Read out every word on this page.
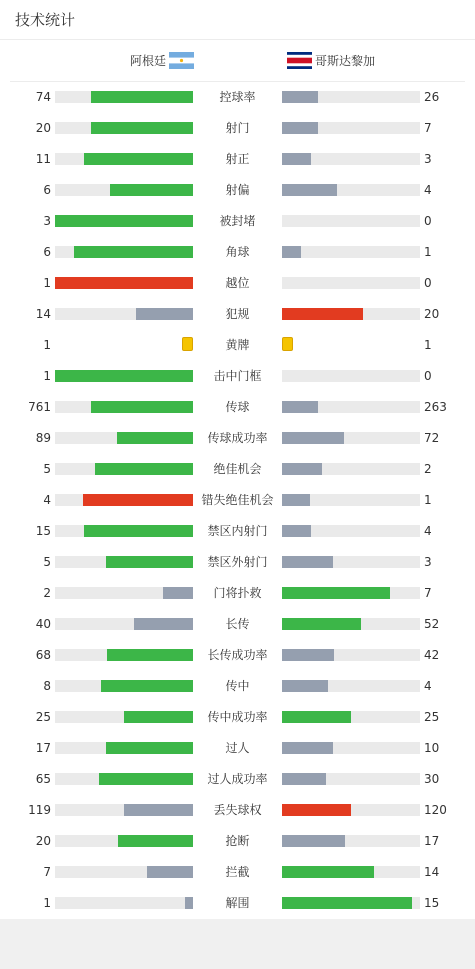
技术统计
阿根廷	哥斯达黎加
74	控球率	26
20	射门	7
11	射正	3
6	射偏	4
3	被封堵	0
6	角球	1
1	越位	0
14	犯规	20
1	黄牌	1
1	击中门框	0
761	传球	263
89	传球成功率	72
5	绝佳机会	2
4	错失绝佳机会	1
15	禁区内射门	4
5	禁区外射门	3
2	门将扑救	7
40	长传	52
68	长传成功率	42
8	传中	4
25	传中成功率	25
17	过人	10
65	过人成功率	30
119	丢失球权	120
20	抢断	17
7	拦截	14
1	解围	15
